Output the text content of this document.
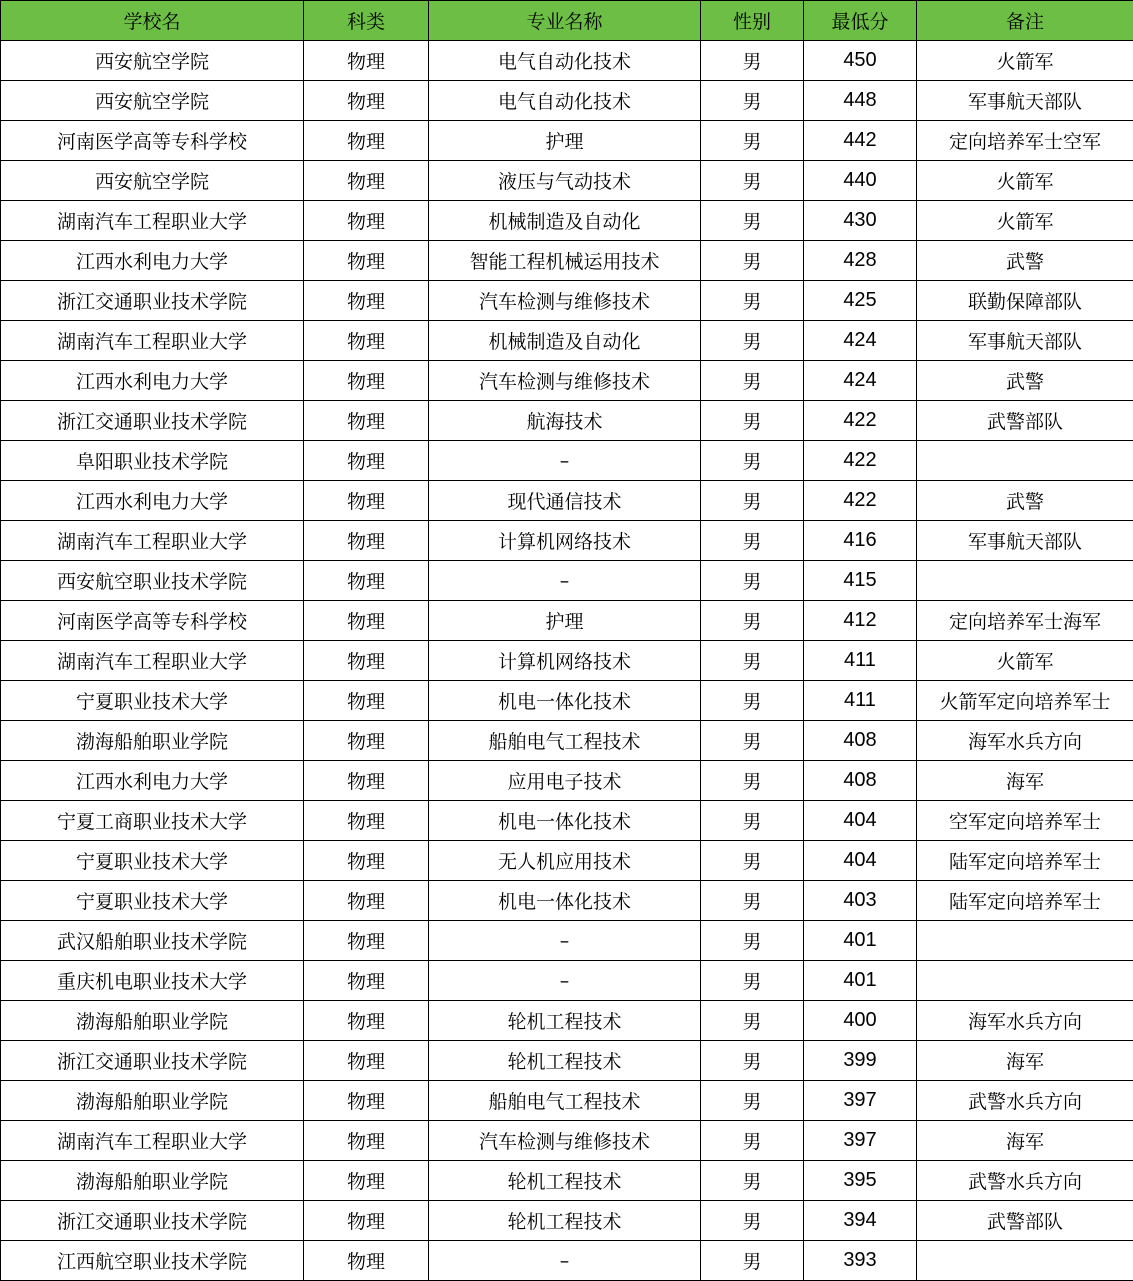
学校名	科类	专业名称	性别	最低分	备注
西安航空学院	物理	电气自动化技术	男	450	火箭军
西安航空学院	物理	电气自动化技术	男	448	军事航天部队
河南医学高等专科学校	物理	护理	男	442	定向培养军士空军
西安航空学院	物理	液压与气动技术	男	440	火箭军
湖南汽车工程职业大学	物理	机械制造及自动化	男	430	火箭军
江西水利电力大学	物理	智能工程机械运用技术	男	428	武警
浙江交通职业技术学院	物理	汽车检测与维修技术	男	425	联勤保障部队
湖南汽车工程职业大学	物理	机械制造及自动化	男	424	军事航天部队
江西水利电力大学	物理	汽车检测与维修技术	男	424	武警
浙江交通职业技术学院	物理	航海技术	男	422	武警部队
阜阳职业技术学院	物理	–	男	422	
江西水利电力大学	物理	现代通信技术	男	422	武警
湖南汽车工程职业大学	物理	计算机网络技术	男	416	军事航天部队
西安航空职业技术学院	物理	–	男	415	
河南医学高等专科学校	物理	护理	男	412	定向培养军士海军
湖南汽车工程职业大学	物理	计算机网络技术	男	411	火箭军
宁夏职业技术大学	物理	机电一体化技术	男	411	火箭军定向培养军士
渤海船舶职业学院	物理	船舶电气工程技术	男	408	海军水兵方向
江西水利电力大学	物理	应用电子技术	男	408	海军
宁夏工商职业技术大学	物理	机电一体化技术	男	404	空军定向培养军士
宁夏职业技术大学	物理	无人机应用技术	男	404	陆军定向培养军士
宁夏职业技术大学	物理	机电一体化技术	男	403	陆军定向培养军士
武汉船舶职业技术学院	物理	–	男	401	
重庆机电职业技术大学	物理	–	男	401	
渤海船舶职业学院	物理	轮机工程技术	男	400	海军水兵方向
浙江交通职业技术学院	物理	轮机工程技术	男	399	海军
渤海船舶职业学院	物理	船舶电气工程技术	男	397	武警水兵方向
湖南汽车工程职业大学	物理	汽车检测与维修技术	男	397	海军
渤海船舶职业学院	物理	轮机工程技术	男	395	武警水兵方向
浙江交通职业技术学院	物理	轮机工程技术	男	394	武警部队
江西航空职业技术学院	物理	–	男	393	
